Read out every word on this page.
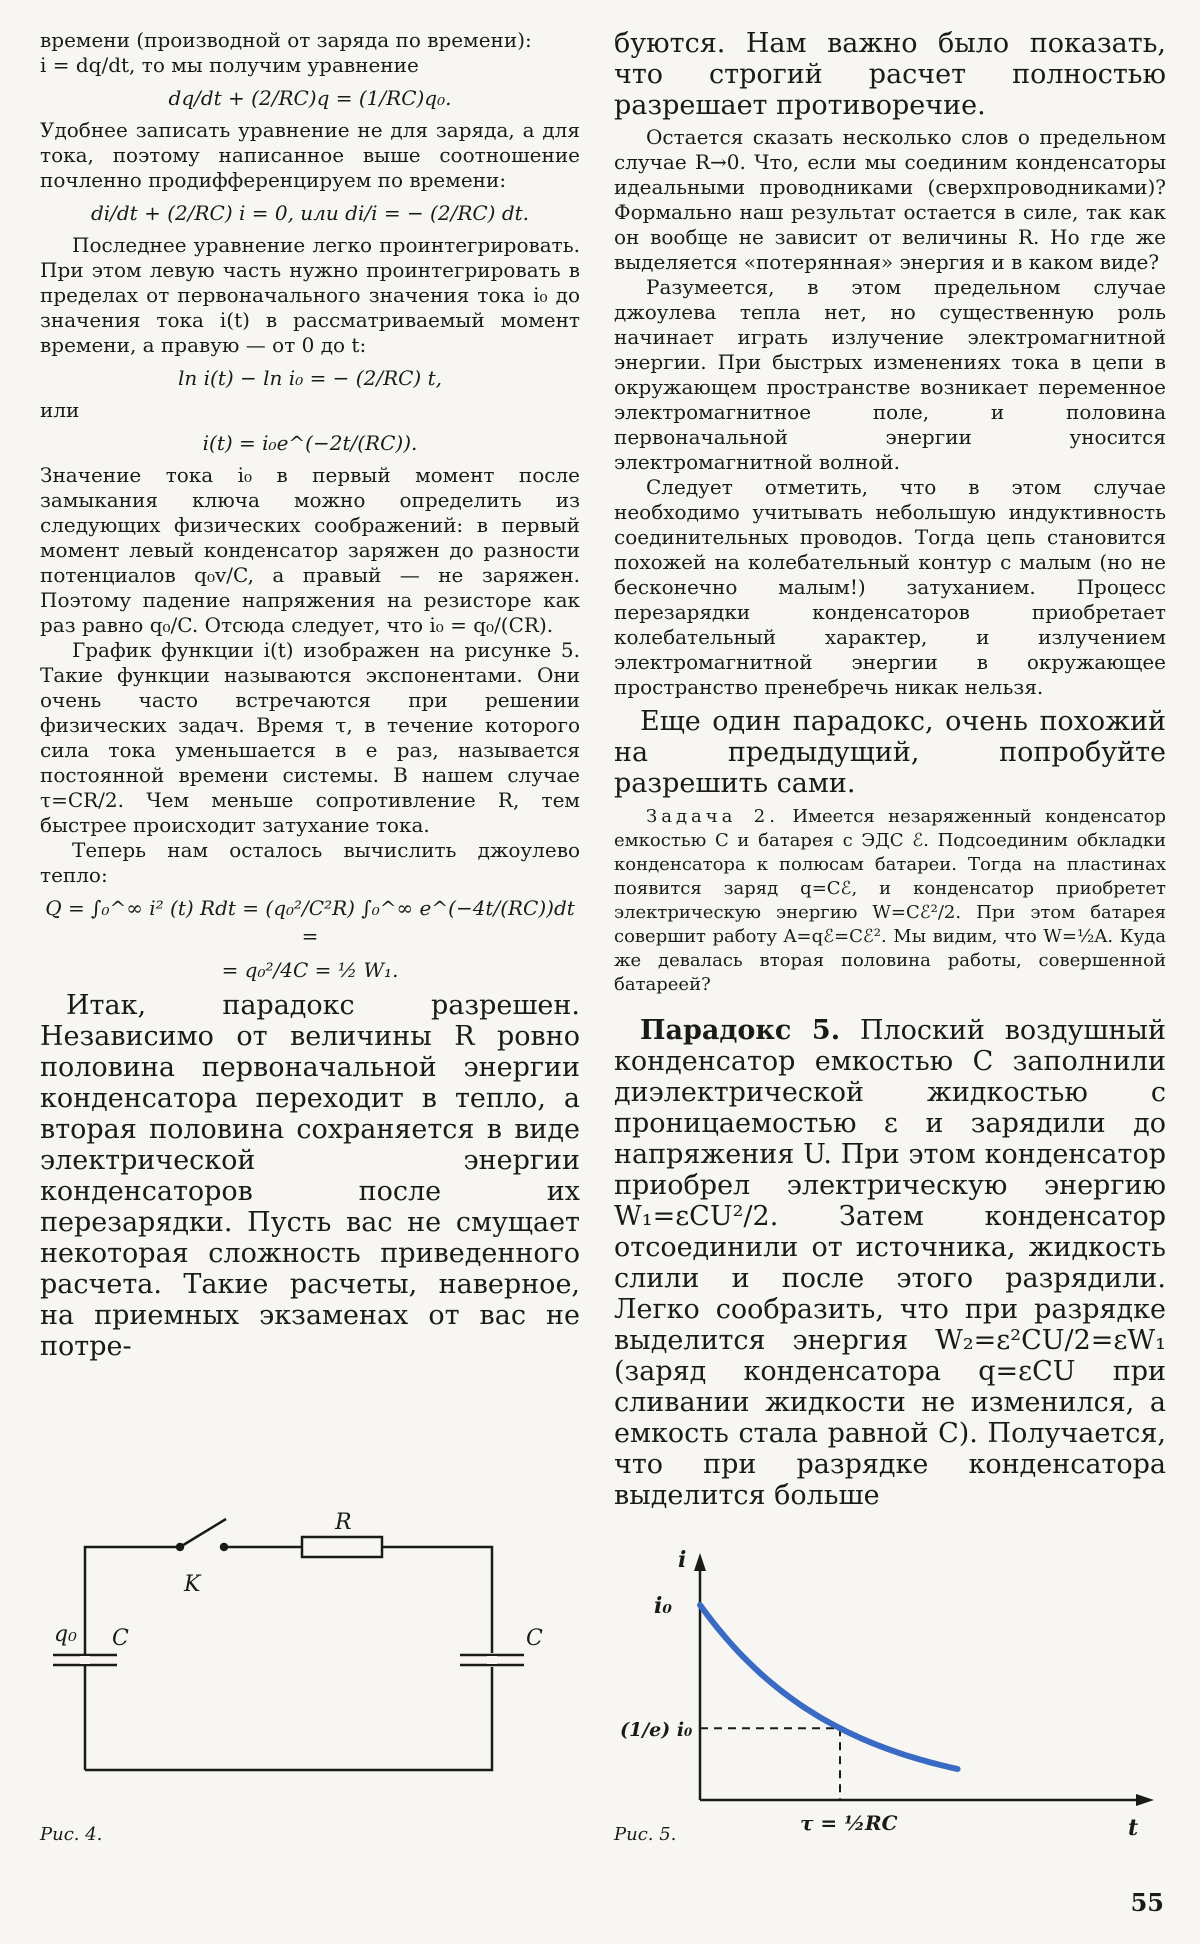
времени (производной от заряда по времени):

i = dq/dt, то мы получим уравнение

dq/dt + (2/RC)q = (1/RC)q₀.

Удобнее записать уравнение не для заряда, а для тока, поэтому написанное выше соотношение почленно продифференцируем по времени:

di/dt + (2/RC) i = 0, или di/i = − (2/RC) dt.

Последнее уравнение легко проинтегрировать. При этом левую часть нужно проинтегрировать в пределах от первоначального значения тока i₀ до значения тока i(t) в рассматриваемый момент времени, а правую — от 0 до t:

ln i(t) − ln i₀ = − (2/RC) t,

или

i(t) = i₀e^(−2t/(RC)).

Значение тока i₀ в первый момент после замыкания ключа можно определить из следующих физических соображений: в первый момент левый конденсатор заряжен до разности потенциалов q₀v/C, а правый — не заряжен. Поэтому падение напряжения на резисторе как раз равно q₀/C. Отсюда следует, что i₀ = q₀/(CR).

График функции i(t) изображен на рисунке 5. Такие функции называются экспонентами. Они очень часто встречаются при решении физических задач. Время τ, в течение которого сила тока уменьшается в e раз, называется постоянной времени системы. В нашем случае τ=CR/2. Чем меньше сопротивление R, тем быстрее происходит затухание тока.

Теперь нам осталось вычислить джоулево тепло:

Q = ∫₀^∞ i² (t) Rdt = (q₀²/C²R) ∫₀^∞ e^(−4t/(RC))dt =
= q₀²/4C = ½ W₁.

Итак, парадокс разрешен. Независимо от величины R ровно половина первоначальной энергии конденсатора переходит в тепло, а вторая половина сохраняется в виде электрической энергии конденсаторов после их перезарядки. Пусть вас не смущает некоторая сложность приведенного расчета. Такие расчеты, наверное, на приемных экзаменах от вас не потре-

буются. Нам важно было показать, что строгий расчет полностью разрешает противоречие.

Остается сказать несколько слов о предельном случае R→0. Что, если мы соединим конденсаторы идеальными проводниками (сверхпроводниками)? Формально наш результат остается в силе, так как он вообще не зависит от величины R. Но где же выделяется «потерянная» энергия и в каком виде?

Разумеется, в этом предельном случае джоулева тепла нет, но существенную роль начинает играть излучение электромагнитной энергии. При быстрых изменениях тока в цепи в окружающем пространстве возникает переменное электромагнитное поле, и половина первоначальной энергии уносится электромагнитной волной.

Следует отметить, что в этом случае необходимо учитывать небольшую индуктивность соединительных проводов. Тогда цепь становится похожей на колебательный контур с малым (но не бесконечно малым!) затуханием. Процесс перезарядки конденсаторов приобретает колебательный характер, и излучением электромагнитной энергии в окружающее пространство пренебречь никак нельзя.

Еще один парадокс, очень похожий на предыдущий, попробуйте разрешить сами.

Задача 2. Имеется незаряженный конденсатор емкостью C и батарея с ЭДС ℰ. Подсоединим обкладки конденсатора к полюсам батареи. Тогда на пластинах появится заряд q=Cℰ, и конденсатор приобретет электрическую энергию W=Cℰ²/2. При этом батарея совершит работу A=qℰ=Cℰ². Мы видим, что W=½A. Куда же девалась вторая половина работы, совершенной батареей?

Парадокс 5. Плоский воздушный конденсатор емкостью C заполнили диэлектрической жидкостью с проницаемостью ε и зарядили до напряжения U. При этом конденсатор приобрел электрическую энергию W₁=εCU²/2. Затем конденсатор отсоединили от источника, жидкость слили и после этого разрядили. Легко сообразить, что при разрядке выделится энергия W₂=ε²CU/2=εW₁ (заряд конденсатора q=εCU при сливании жидкости не изменился, а емкость стала равной C). Получается, что при разрядке конденсатора выделится больше

R
K
q₀ C	C
Рис. 4.
i
t
i₀
(1/e) i₀
τ = ½RC
Рис. 5.
55
